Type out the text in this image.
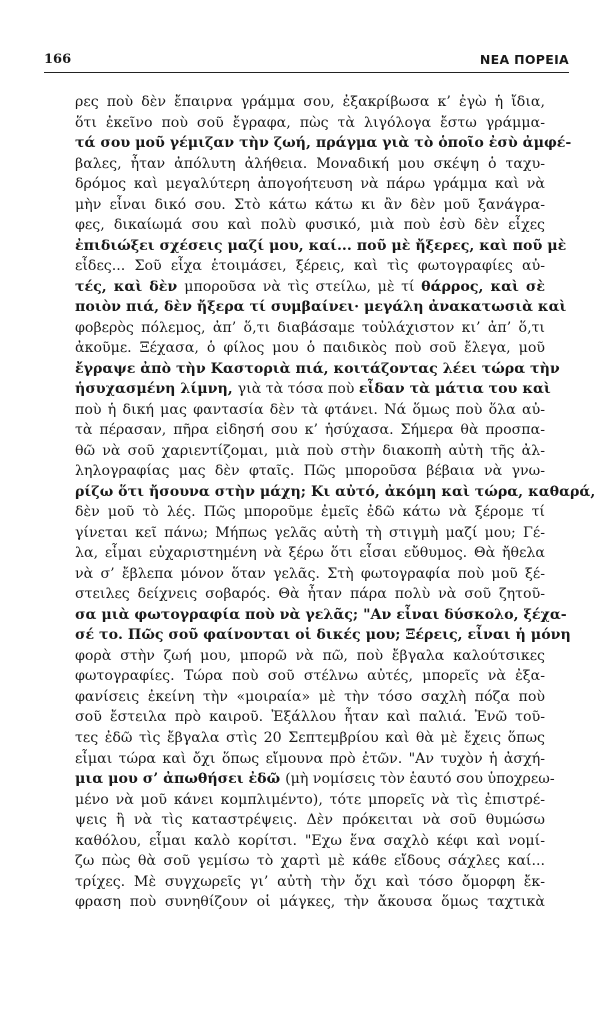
166	ΝΕΑ ΠΟΡΕΙΑ
ρες ποὺ δὲν ἔπαιρνα γράμμα σου, ἐξακρίβωσα κ’ ἐγὼ ἡ ἴδια,
ὅτι ἐκεῖνο ποὺ σοῦ ἔγραφα, πὼς τὰ λιγόλογα ἔστω γράμμα-
τά σου μοῦ γέμιζαν τὴν ζωή, πράγμα γιὰ τὸ ὁποῖο ἐσὺ ἀμφέ-
βαλες, ἦταν ἀπόλυτη ἀλήθεια. Μοναδική μου σκέψη ὁ ταχυ-
δρόμος καὶ μεγαλύτερη ἀπογοήτευση νὰ πάρω γράμμα καὶ νὰ
μὴν εἶναι δικό σου. Στὸ κάτω κάτω κι ἂν δὲν μοῦ ξανάγρα-
φες, δικαίωμά σου καὶ πολὺ φυσικό, μιὰ ποὺ ἐσὺ δὲν εἶχες
ἐπιδιώξει σχέσεις μαζί μου, καί... ποῦ μὲ ἤξερες, καὶ ποῦ μὲ
εἶδες... Σοῦ εἶχα ἑτοιμάσει, ξέρεις, καὶ τὶς φωτογραφίες αὐ-
τές, καὶ δὲν μποροῦσα νὰ τὶς στείλω, μὲ τί θάρρος, καὶ σὲ
ποιὸν πιά, δὲν ἤξερα τί συμβαίνει· μεγάλη ἀνακατωσιὰ καὶ
φοβερὸς πόλεμος, ἀπ’ ὅ,τι διαβάσαμε τοὐλάχιστον κι’ ἀπ’ ὅ,τι
ἀκοῦμε. Ξέχασα, ὁ φίλος μου ὁ παιδικὸς ποὺ σοῦ ἔλεγα, μοῦ
ἔγραψε ἀπὸ τὴν Καστοριὰ πιά, κοιτάζοντας λέει τώρα τὴν
ἡσυχασμένη λίμνη, γιὰ τὰ τόσα ποὺ εἶδαν τὰ μάτια του καὶ
ποὺ ἡ δική μας φαντασία δὲν τὰ φτάνει. Νά ὅμως ποὺ ὅλα αὐ-
τὰ πέρασαν, πῆρα εἰδησή σου κ’ ἡσύχασα. Σήμερα θὰ προσπα-
θῶ νὰ σοῦ χαριεντίζομαι, μιὰ ποὺ στὴν διακοπὴ αὐτὴ τῆς ἀλ-
ληλογραφίας μας δὲν φταῖς. Πῶς μποροῦσα βέβαια νὰ γνω-
ρίζω ὅτι ἤσουνα στὴν μάχη; Κι αὐτό, ἀκόμη καὶ τώρα, καθαρά,
δὲν μοῦ τὸ λές. Πῶς μποροῦμε ἐμεῖς ἐδῶ κάτω νὰ ξέρομε τί
γίνεται κεῖ πάνω; Μήπως γελᾶς αὐτὴ τὴ στιγμὴ μαζί μου; Γέ-
λα, εἶμαι εὐχαριστημένη νὰ ξέρω ὅτι εἶσαι εὔθυμος. Θὰ ἤθελα
νὰ σ’ ἔβλεπα μόνον ὅταν γελᾶς. Στὴ φωτογραφία ποὺ μοῦ ξέ-
στειλες δείχνεις σοβαρός. Θὰ ἦταν πάρα πολὺ νὰ σοῦ ζητοῦ-
σα μιὰ φωτογραφία ποὺ νὰ γελᾶς; "Αν εἶναι δύσκολο, ξέχα-
σέ το. Πῶς σοῦ φαίνονται οἱ δικές μου; Ξέρεις, εἶναι ἡ μόνη
φορὰ στὴν ζωή μου, μπορῶ νὰ πῶ, ποὺ ἔβγαλα καλούτσικες
φωτογραφίες. Τώρα ποὺ σοῦ στέλνω αὐτές, μπορεῖς νὰ ἐξα-
φανίσεις ἐκείνη τὴν «μοιραία» μὲ τὴν τόσο σαχλὴ πόζα ποὺ
σοῦ ἔστειλα πρὸ καιροῦ. Ἐξάλλου ἦταν καὶ παλιά. Ἐνῶ τοῦ-
τες ἐδῶ τὶς ἔβγαλα στὶς 20 Σεπτεμβρίου καὶ θὰ μὲ ἔχεις ὅπως
εἶμαι τώρα καὶ ὄχι ὅπως εἴμουνα πρὸ ἐτῶν. "Αν τυχὸν ἡ ἀσχή-
μια μου σ’ ἀπωθήσει ἐδῶ (μὴ νομίσεις τὸν ἑαυτό σου ὑποχρεω-
μένο νὰ μοῦ κάνει κομπλιμέντο), τότε μπορεῖς νὰ τὶς ἐπιστρέ-
ψεις ἢ νὰ τὶς καταστρέψεις. Δὲν πρόκειται νὰ σοῦ θυμώσω
καθόλου, εἶμαι καλὸ κορίτσι. "Εχω ἕνα σαχλὸ κέφι καὶ νομί-
ζω πὼς θὰ σοῦ γεμίσω τὸ χαρτὶ μὲ κάθε εἴδους σάχλες καί...
τρίχες. Μὲ συγχωρεῖς γι’ αὐτὴ τὴν ὄχι καὶ τόσο ὄμορφη ἔκ-
φραση ποὺ συνηθίζουν οἱ μάγκες, τὴν ἄκουσα ὅμως ταχτικὰ
